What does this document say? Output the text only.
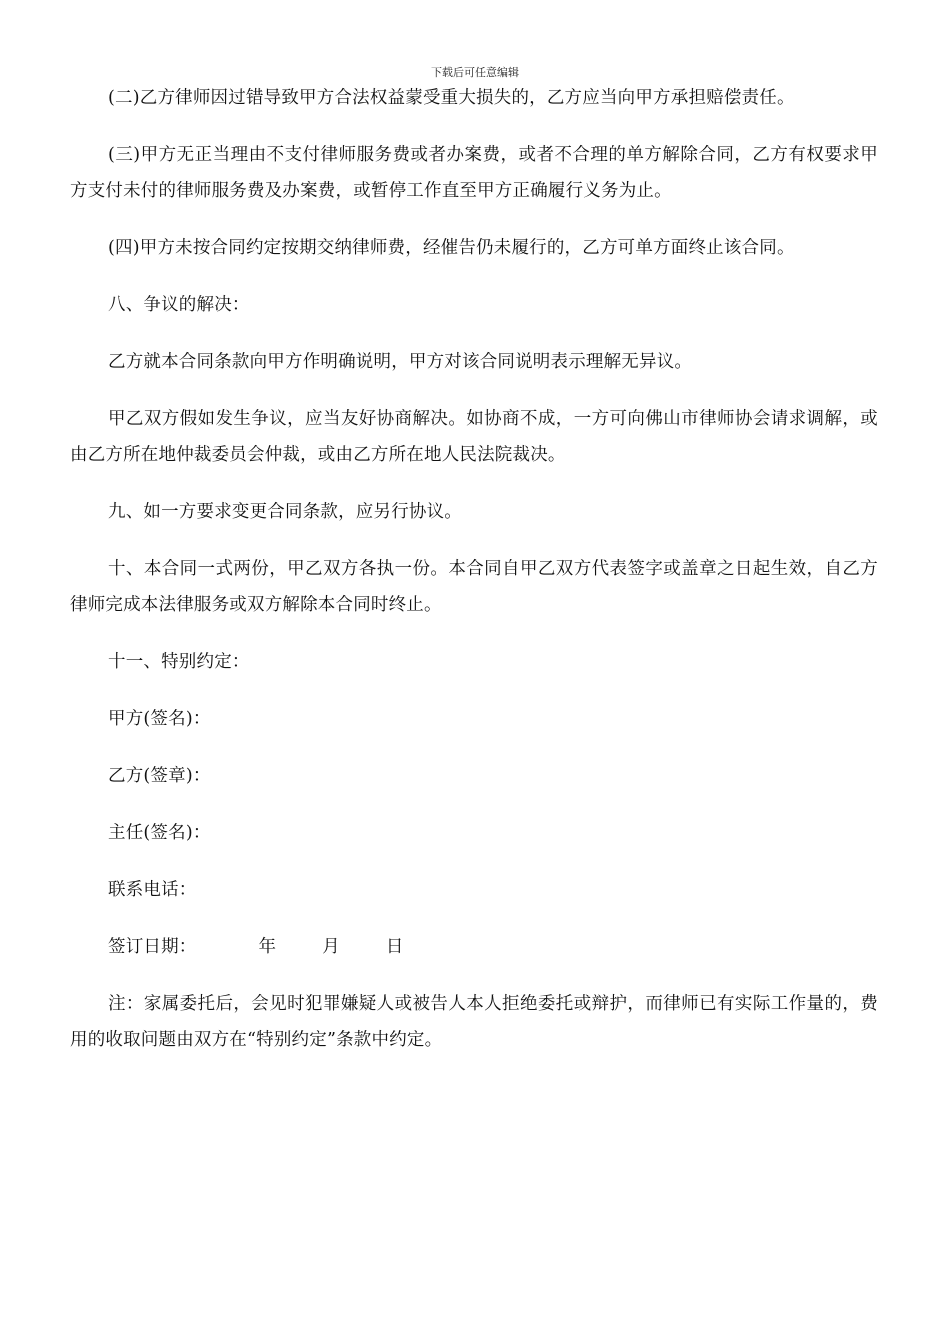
下载后可任意编辑

(二)乙方律师因过错导致甲方合法权益蒙受重大损失的，乙方应当向甲方承担赔偿责任。

(三)甲方无正当理由不支付律师服务费或者办案费，或者不合理的单方解除合同，乙方有权要求甲方支付未付的律师服务费及办案费，或暂停工作直至甲方正确履行义务为止。

(四)甲方未按合同约定按期交纳律师费，经催告仍未履行的，乙方可单方面终止该合同。

八、争议的解决：

乙方就本合同条款向甲方作明确说明，甲方对该合同说明表示理解无异议。

甲乙双方假如发生争议，应当友好协商解决。如协商不成，一方可向佛山市律师协会请求调解，或由乙方所在地仲裁委员会仲裁，或由乙方所在地人民法院裁决。

九、如一方要求变更合同条款，应另行协议。

十、本合同一式两份，甲乙双方各执一份。本合同自甲乙双方代表签字或盖章之日起生效，自乙方律师完成本法律服务或双方解除本合同时终止。

十一、特别约定：

甲方(签名)：

乙方(签章)：

主任(签名)：

联系电话：

签订日期：	年	月	日

注：家属委托后，会见时犯罪嫌疑人或被告人本人拒绝委托或辩护，而律师已有实际工作量的，费用的收取问题由双方在“特别约定”条款中约定。
